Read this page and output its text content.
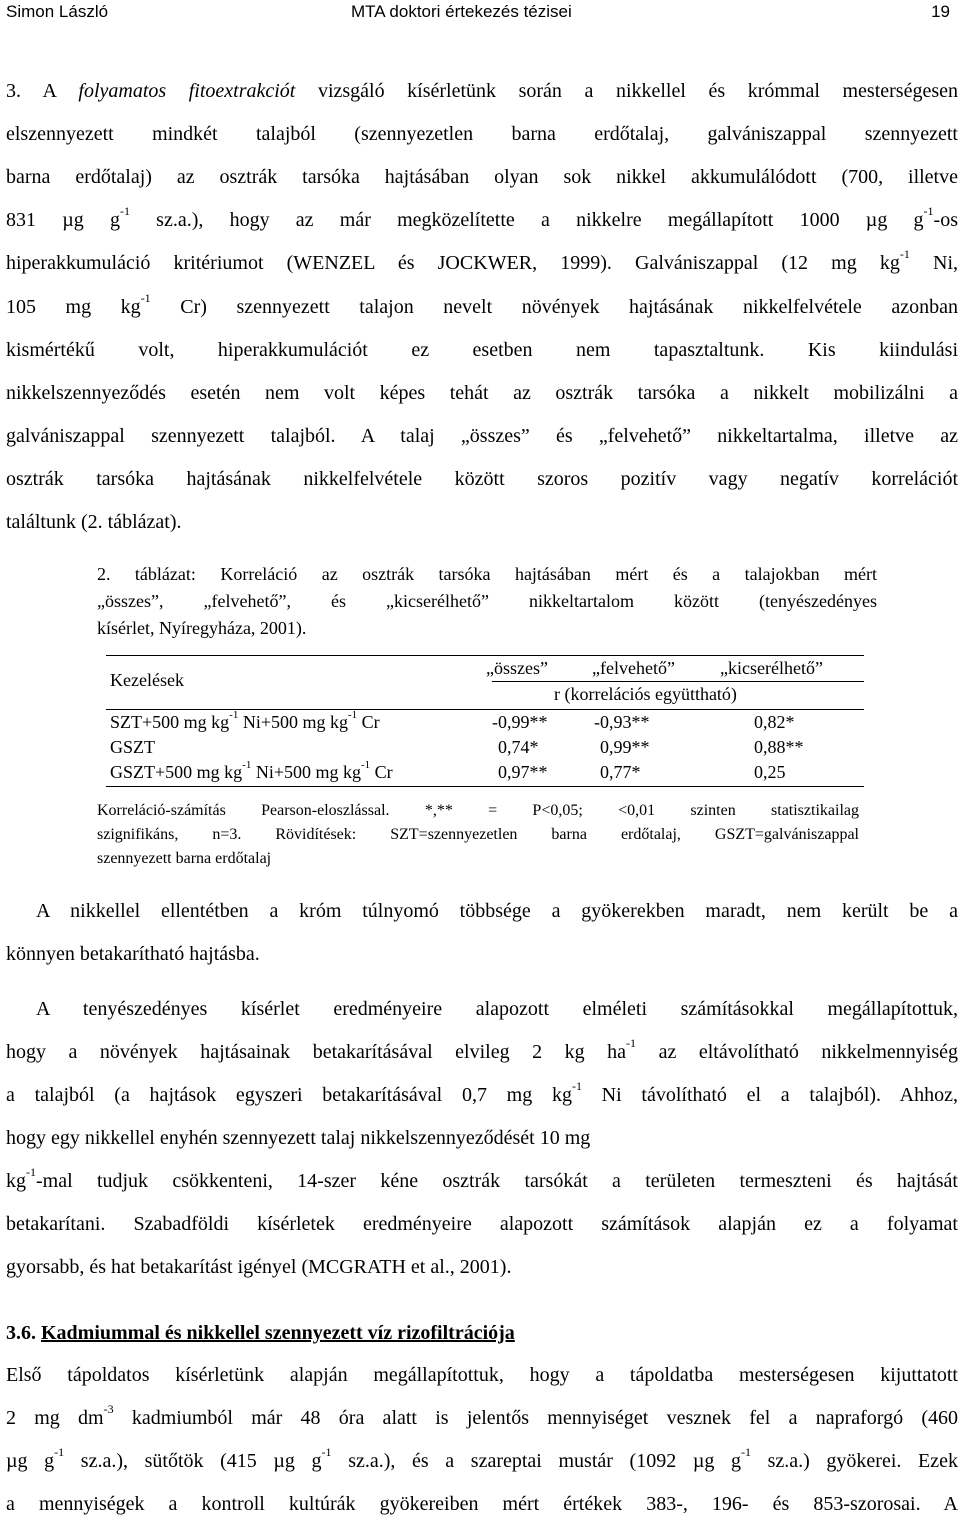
Simon László	MTA doktori értekezés tézisei	19
3. A folyamatos fitoextrakciót vizsgáló kísérletünk során a nikkellel és krómmal mesterségesen
elszennyezett mindkét talajból (szennyezetlen barna erdőtalaj, galvániszappal szennyezett
barna erdőtalaj) az osztrák tarsóka hajtásában olyan sok nikkel akkumulálódott (700, illetve
831 µg $g^{-1}$ sz.a.), hogy az már megközelítette a nikkelre megállapított 1000 µg $g^{-1}-os$
hiperakkumuláció kritériumot (WENZEL és JOCKWER, 1999). Galvániszappal (12 mg $kg^{-1}$ Ni,
105 mg $kg^{-1}$ Cr) szennyezett talajon nevelt növények hajtásának nikkelfelvétele azonban
kismértékű volt, hiperakkumulációt ez esetben nem tapasztaltunk. Kis kiindulási
nikkelszennyeződés esetén nem volt képes tehát az osztrák tarsóka a nikkelt mobilizálni a
galvániszappal szennyezett talajból. A talaj „összes” és „felvehető” nikkeltartalma, illetve az
osztrák tarsóka hajtásának nikkelfelvétele között szoros pozitív vagy negatív korrelációt
találtunk (2. táblázat).
2. táblázat: Korreláció az osztrák tarsóka hajtásában mért és a talajokban mért
„összes”, „felvehető”, és „kicserélhető” nikkeltartalom között (tenyészedényes
kísérlet, Nyíregyháza, 2001).
Kezelések
„összes” „felvehető”	„kicserélhető”
r (korrelációs együttható)
SZT+500 mg $kg^{-1}$ Ni+500 mg $kg^{-1}$ Cr	-0,99**	-0,93**	0,82*
GSZT	0,74*	0,99**	0,88**
GSZT+500 mg $kg^{-1}$ Ni+500 mg $kg^{-1}$ Cr	0,97**	0,77*	0,25
Korreláció-számítás Pearson-eloszlással. *,** = P<0,05; <0,01 szinten statisztikailag
szignifikáns, n=3. Rövidítések: SZT=szennyezetlen barna erdőtalaj, GSZT=galvániszappal
szennyezett barna erdőtalaj
A nikkellel ellentétben a króm túlnyomó többsége a gyökerekben maradt, nem került be a
könnyen betakarítható hajtásba.
A tenyészedényes kísérlet eredményeire alapozott elméleti számításokkal megállapítottuk,
hogy a növények hajtásainak betakarításával elvileg 2 kg $ha^{-1}$ az eltávolítható nikkelmennyiség
a talajból (a hajtások egyszeri betakarításával 0,7 mg $kg^{-1}$ Ni távolítható el a talajból). Ahhoz,
hogy egy nikkellel enyhén szennyezett talaj nikkelszennyeződését 10 mg
$kg^{-1}$-mal tudjuk csökkenteni, 14-szer kéne osztrák tarsókát a területen termeszteni és hajtását
betakarítani. Szabadföldi kísérletek eredményeire alapozott számítások alapján ez a folyamat
gyorsabb, és hat betakarítást igényel (MCGRATH et al., 2001).
3.6. Kadmiummal és nikkellel szennyezett víz rizofiltrációja
Első tápoldatos kísérletünk alapján megállapítottuk, hogy a tápoldatba mesterségesen kijuttatott
2 mg $dm^{-3}$ kadmiumból már 48 óra alatt is jelentős mennyiséget vesznek fel a napraforgó (460
µg $g^{-1}$ sz.a.), sütőtök (415 µg $g^{-1}$ sz.a.), és a szareptai mustár (1092 µg $g^{-1}$ sz.a.) gyökerei. Ezek
a mennyiségek a kontroll kultúrák gyökereiben mért értékek 383-, 196- és 853-szorosai. A
